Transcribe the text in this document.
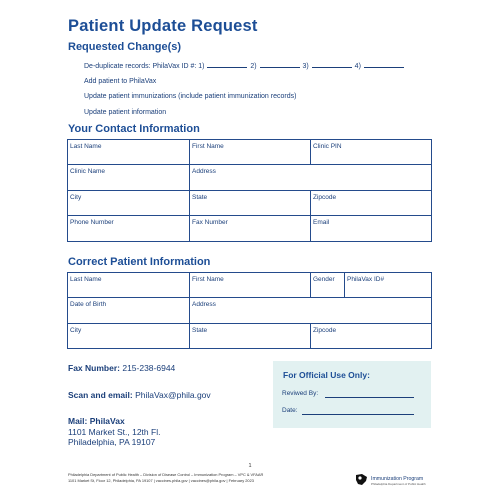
Patient Update Request
Requested Change(s)
De-duplicate records: PhilaVax ID #: 1)	2)	3)	4)
Add patient to PhilaVax
Update patient immunizations (include patient immunization records)
Update patient information
Your Contact Information
Last Name	First Name	Clinic PIN
Clinic Name	Address	
City	State	Zipcode
Phone Number	Fax Number	Email
Correct Patient Information
Last Name	First Name	Gender	PhilaVax ID#
Date of Birth	Address		
City	State	Zipcode	
Fax Number: 215-238-6944
Scan and email: PhilaVax@phila.gov
Mail: PhilaVax
1101 Market St., 12th Fl.
Philadelphia, PA 19107
For Official Use Only:
Reviwed By:
Date:
1
Philadelphia Department of Public Health – Division of Disease Control – Immunization Program – VPC & VFAAR
1101 Market St, Floor 12, Philadelphia, PA 19107 | vaccines.phila.gov | vaccines@phila.gov | February 2023	Immunization Program
Philadelphia Department of Public Health
